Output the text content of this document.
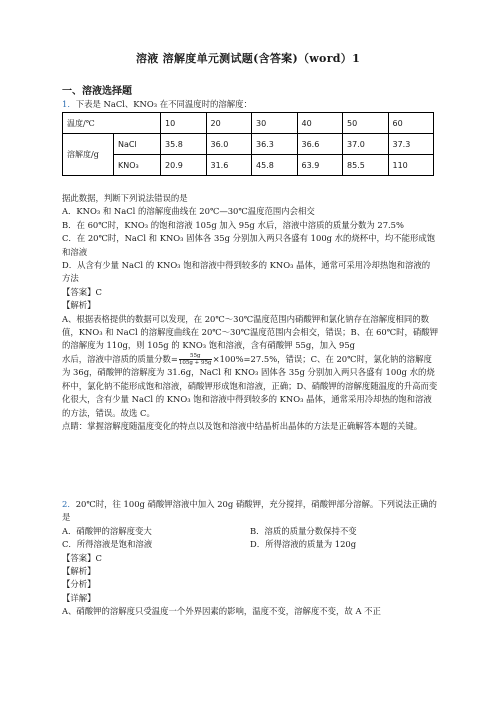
溶液 溶解度单元测试题(含答案)（word）1
一、溶液选择题
1．下表是 NaCl、KNO₃ 在不同温度时的溶解度：
温度/℃		10	20	30	40	50	60
溶解度/g	NaCl	35.8	36.0	36.3	36.6	37.0	37.3
	KNO₃	20.9	31.6	45.8	63.9	85.5	110

据此数据，判断下列说法错误的是

A．KNO₃ 和 NaCl 的溶解度曲线在 20℃—30℃温度范围内会相交

B．在 60℃时，KNO₃ 的饱和溶液 105g 加入 95g 水后，溶液中溶质的质量分数为 27.5%

C．在 20℃时，NaCl 和 KNO₃ 固体各 35g 分别加入两只各盛有 100g 水的烧杯中，均不能形成饱和溶液

D．从含有少量 NaCl 的 KNO₃ 饱和溶液中得到较多的 KNO₃ 晶体，通常可采用冷却热饱和溶液的方法

【答案】C

【解析】

A、根据表格提供的数据可以发现，在 20℃～30℃温度范围内硝酸钾和氯化钠存在溶解度相同的数值，KNO₃ 和 NaCl 的溶解度曲线在 20℃～30℃温度范围内会相交，错误；B、在 60℃时，硝酸钾的溶解度为 110g，则 105g 的 KNO₃ 饱和溶液，含有硝酸钾 55g，加入 95g

水后，溶液中溶质的质量分数= $\frac{55g}{105g + 95g} \times 100\%=27.5\%$，错误；C、在 20℃时，氯化钠的溶解度为 36g，硝酸钾的溶解度为 31.6g，NaCl 和 KNO₃ 固体各 35g 分别加入两只各盛有 100g 水的烧杯中，氯化钠不能形成饱和溶液，硝酸钾形成饱和溶液，正确；D、硝酸钾的溶解度随温度的升高而变化很大，含有少量 NaCl 的 KNO₃ 饱和溶液中得到较多的 KNO₃ 晶体，通常采用冷却热的饱和溶液的方法，错误。故选 C。

点睛：掌握溶解度随温度变化的特点以及饱和溶液中结晶析出晶体的方法是正确解答本题的关键。

2．20℃时，往 100g 硝酸钾溶液中加入 20g 硝酸钾，充分搅拌，硝酸钾部分溶解。下列说法正确的是

A．硝酸钾的溶解度变大	B．溶质的质量分数保持不变
C．所得溶液是饱和溶液	D．所得溶液的质量为 120g

【答案】C

【解析】

【分析】

【详解】

A、硝酸钾的溶解度只受温度一个外界因素的影响，温度不变，溶解度不变，故 A 不正
